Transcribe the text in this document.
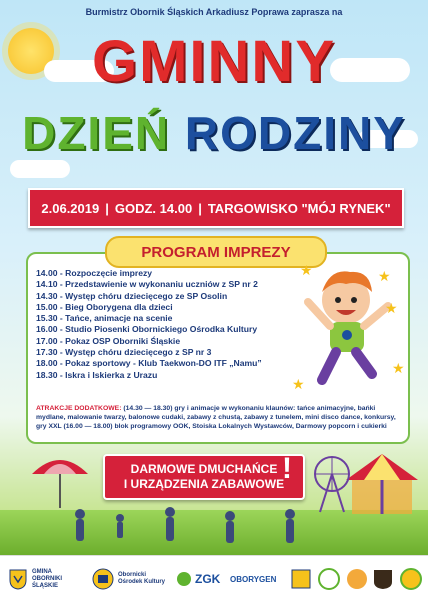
Burmistrz Obornik Śląskich Arkadiusz Poprawa zaprasza na
GMINNY
DZIEŃ RODZINY
2.06.2019 | GODZ. 14.00 | TARGOWISKO "MÓJ RYNEK"
PROGRAM IMPREZY
14.00 - Rozpoczęcie imprezy
14.10 - Przedstawienie w wykonaniu uczniów z SP nr 2
14.30 - Występ chóru dziecięcego ze SP Osolin
15.00 - Bieg Oborygena dla dzieci
15.30 - Tańce, animacje na scenie
16.00 - Studio Piosenki Obornickiego Ośrodka Kultury
17.00 - Pokaz OSP Oborniki Śląskie
17.30 - Występ chóru dziecięcego z SP nr 3
18.00 - Pokaz sportowy - Klub Taekwon-DO ITF „Namu”
18.30 - Iskra i Iskierka z Urazu
★
★
★
★
★
ATRAKCJE DODATKOWE: (14.30 — 18.30) gry i animacje w wykonaniu klaunów: tańce animacyjne, bańki mydlane, malowanie twarzy, balonowe cudaki, zabawy z chustą, zabawy z tunelem, mini disco dance, konkursy, gry XXL (16.00 — 18.00) blok programowy OOK, Stoiska Lokalnych Wystawców, Darmowy popcorn i cukierki
DARMOWE DMUCHAŃCE
I URZĄDZENIA ZABAWOWE
!
GMINA OBORNIKI ŚLĄSKIE
Obornicki Ośrodek Kultury ZGK OBORYGEN
